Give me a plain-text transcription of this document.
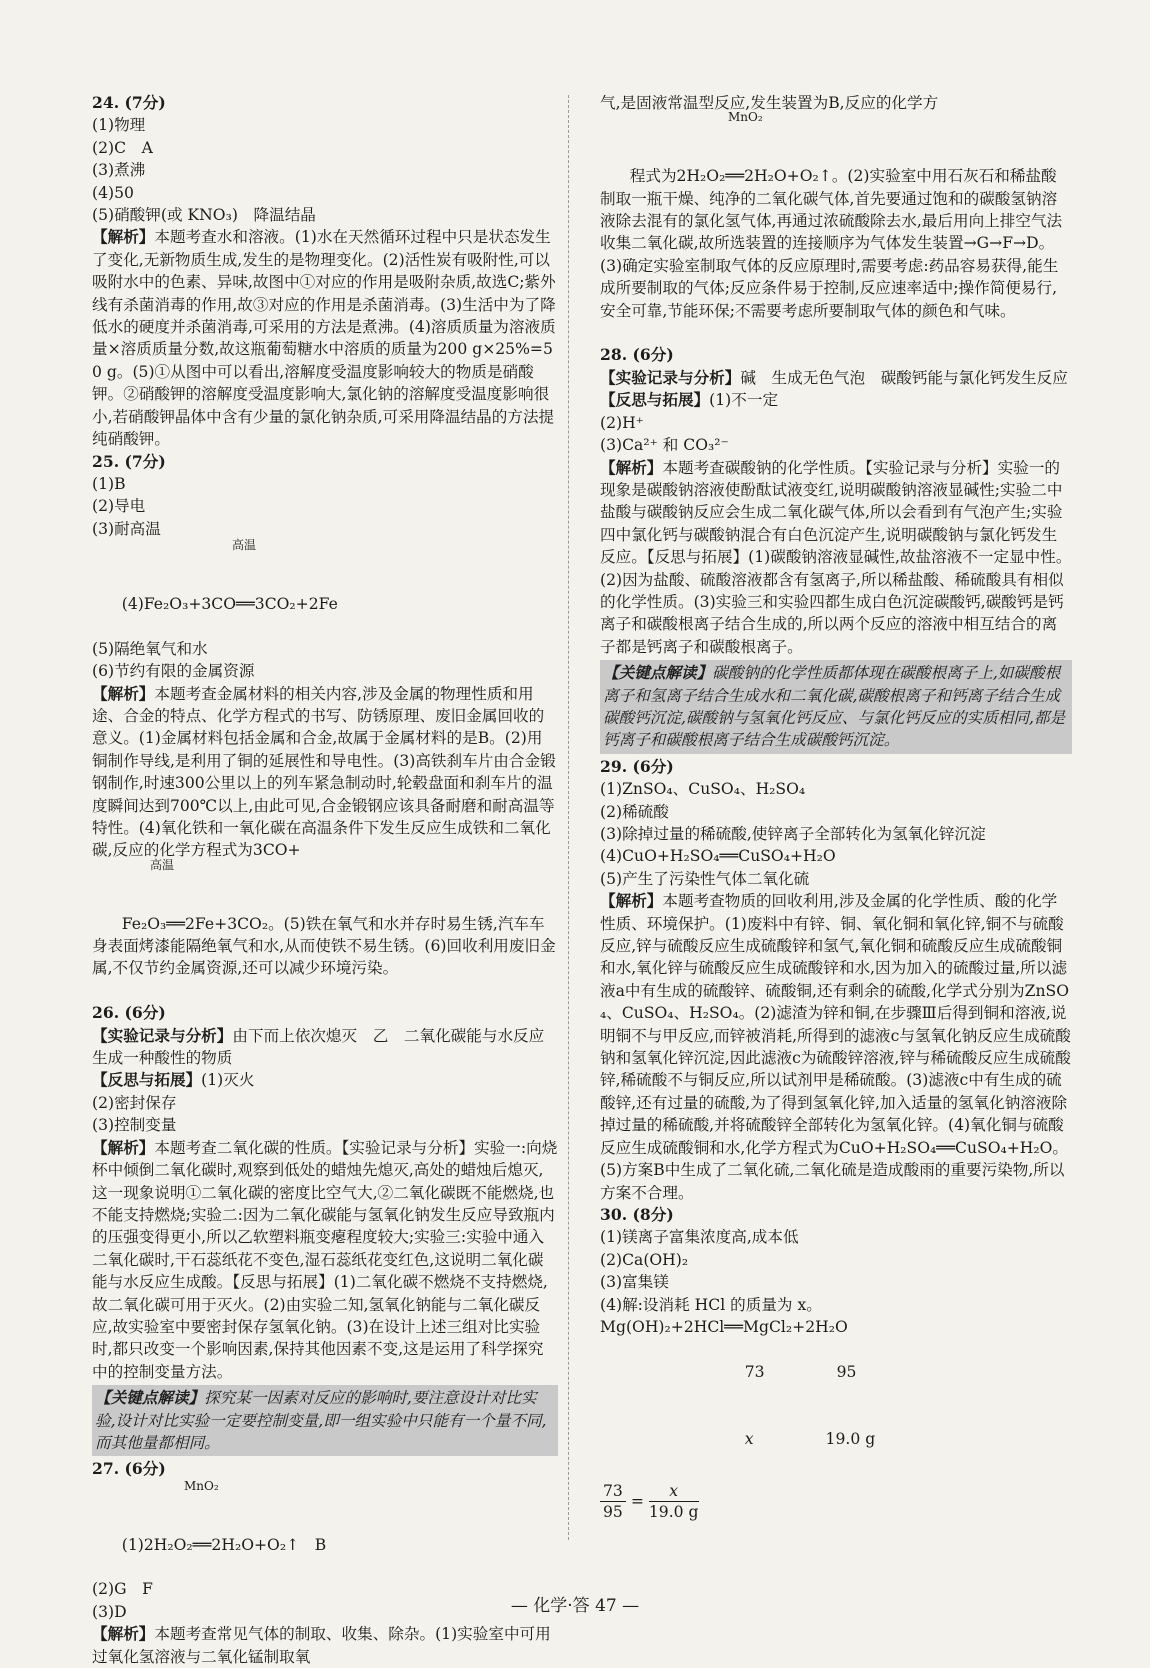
24. (7分)
(1)物理
(2)C　A
(3)煮沸
(4)50
(5)硝酸钾(或 KNO₃)　降温结晶
【解析】本题考查水和溶液。(1)水在天然循环过程中只是状态发生了变化,无新物质生成,发生的是物理变化。(2)活性炭有吸附性,可以吸附水中的色素、异味,故图中①对应的作用是吸附杂质,故选C;紫外线有杀菌消毒的作用,故③对应的作用是杀菌消毒。(3)生活中为了降低水的硬度并杀菌消毒,可采用的方法是煮沸。(4)溶质质量为溶液质量×溶质质量分数,故这瓶葡萄糖水中溶质的质量为200 g×25%=50 g。(5)①从图中可以看出,溶解度受温度影响较大的物质是硝酸钾。②硝酸钾的溶解度受温度影响大,氯化钠的溶解度受温度影响很小,若硝酸钾晶体中含有少量的氯化钠杂质,可采用降温结晶的方法提纯硝酸钾。
25. (7分)
(1)B
(2)导电
(3)耐高温

高温

(4)Fe₂O₃+3CO══3CO₂+2Fe

(5)隔绝氧气和水
(6)节约有限的金属资源
【解析】本题考查金属材料的相关内容,涉及金属的物理性质和用途、合金的特点、化学方程式的书写、防锈原理、废旧金属回收的意义。(1)金属材料包括金属和合金,故属于金属材料的是B。(2)用铜制作导线,是利用了铜的延展性和导电性。(3)高铁刹车片由合金锻钢制作,时速300公里以上的列车紧急制动时,轮毂盘面和刹车片的温度瞬间达到700℃以上,由此可见,合金锻钢应该具备耐磨和耐高温等特性。(4)氧化铁和一氧化碳在高温条件下发生反应生成铁和二氧化碳,反应的化学方程式为3CO+

高温

Fe₂O₃══2Fe+3CO₂。(5)铁在氧气和水并存时易生锈,汽车车身表面烤漆能隔绝氧气和水,从而使铁不易生锈。(6)回收利用废旧金属,不仅节约金属资源,还可以减少环境污染。

26. (6分)
【实验记录与分析】由下而上依次熄灭　乙　二氧化碳能与水反应生成一种酸性的物质
【反思与拓展】(1)灭火
(2)密封保存
(3)控制变量
【解析】本题考查二氧化碳的性质。【实验记录与分析】实验一:向烧杯中倾倒二氧化碳时,观察到低处的蜡烛先熄灭,高处的蜡烛后熄灭,这一现象说明①二氧化碳的密度比空气大,②二氧化碳既不能燃烧,也不能支持燃烧;实验二:因为二氧化碳能与氢氧化钠发生反应导致瓶内的压强变得更小,所以乙软塑料瓶变瘪程度较大;实验三:实验中通入二氧化碳时,干石蕊纸花不变色,湿石蕊纸花变红色,这说明二氧化碳能与水反应生成酸。【反思与拓展】(1)二氧化碳不燃烧不支持燃烧,故二氧化碳可用于灭火。(2)由实验二知,氢氧化钠能与二氧化碳反应,故实验室中要密封保存氢氧化钠。(3)在设计上述三组对比实验时,都只改变一个影响因素,保持其他因素不变,这是运用了科学探究中的控制变量方法。
【关键点解读】探究某一因素对反应的影响时,要注意设计对比实验,设计对比实验一定要控制变量,即一组实验中只能有一个量不同,而其他量都相同。
27. (6分)

MnO₂

(1)2H₂O₂══2H₂O+O₂↑　B

(2)G　F
(3)D
【解析】本题考查常见气体的制取、收集、除杂。(1)实验室中可用过氧化氢溶液与二氧化锰制取氧
气,是固液常温型反应,发生装置为B,反应的化学方

MnO₂

程式为2H₂O₂══2H₂O+O₂↑。(2)实验室中用石灰石和稀盐酸制取一瓶干燥、纯净的二氧化碳气体,首先要通过饱和的碳酸氢钠溶液除去混有的氯化氢气体,再通过浓硫酸除去水,最后用向上排空气法收集二氧化碳,故所选装置的连接顺序为气体发生装置→G→F→D。(3)确定实验室制取气体的反应原理时,需要考虑:药品容易获得,能生成所要制取的气体;反应条件易于控制,反应速率适中;操作简便易行,安全可靠,节能环保;不需要考虑所要制取气体的颜色和气味。

28. (6分)
【实验记录与分析】碱　生成无色气泡　碳酸钙能与氯化钙发生反应
【反思与拓展】(1)不一定
(2)H⁺
(3)Ca²⁺ 和 CO₃²⁻
【解析】本题考查碳酸钠的化学性质。【实验记录与分析】实验一的现象是碳酸钠溶液使酚酞试液变红,说明碳酸钠溶液显碱性;实验二中盐酸与碳酸钠反应会生成二氧化碳气体,所以会看到有气泡产生;实验四中氯化钙与碳酸钠混合有白色沉淀产生,说明碳酸钠与氯化钙发生反应。【反思与拓展】(1)碳酸钠溶液显碱性,故盐溶液不一定显中性。(2)因为盐酸、硫酸溶液都含有氢离子,所以稀盐酸、稀硫酸具有相似的化学性质。(3)实验三和实验四都生成白色沉淀碳酸钙,碳酸钙是钙离子和碳酸根离子结合生成的,所以两个反应的溶液中相互结合的离子都是钙离子和碳酸根离子。
【关键点解读】碳酸钠的化学性质都体现在碳酸根离子上,如碳酸根离子和氢离子结合生成水和二氧化碳,碳酸根离子和钙离子结合生成碳酸钙沉淀,碳酸钠与氢氧化钙反应、与氯化钙反应的实质相同,都是钙离子和碳酸根离子结合生成碳酸钙沉淀。
29. (6分)
(1)ZnSO₄、CuSO₄、H₂SO₄
(2)稀硫酸
(3)除掉过量的稀硫酸,使锌离子全部转化为氢氧化锌沉淀
(4)CuO+H₂SO₄══CuSO₄+H₂O
(5)产生了污染性气体二氧化硫
【解析】本题考查物质的回收利用,涉及金属的化学性质、酸的化学性质、环境保护。(1)废料中有锌、铜、氧化铜和氧化锌,铜不与硫酸反应,锌与硫酸反应生成硫酸锌和氢气,氧化铜和硫酸反应生成硫酸铜和水,氧化锌与硫酸反应生成硫酸锌和水,因为加入的硫酸过量,所以滤液a中有生成的硫酸锌、硫酸铜,还有剩余的硫酸,化学式分别为ZnSO₄、CuSO₄、H₂SO₄。(2)滤渣为锌和铜,在步骤Ⅲ后得到铜和溶液,说明铜不与甲反应,而锌被消耗,所得到的滤液c与氢氧化钠反应生成硫酸钠和氢氧化锌沉淀,因此滤液c为硫酸锌溶液,锌与稀硫酸反应生成硫酸锌,稀硫酸不与铜反应,所以试剂甲是稀硫酸。(3)滤液c中有生成的硫酸锌,还有过量的硫酸,为了得到氢氧化锌,加入适量的氢氧化钠溶液除掉过量的稀硫酸,并将硫酸锌全部转化为氢氧化锌。(4)氧化铜与硫酸反应生成硫酸铜和水,化学方程式为CuO+H₂SO₄══CuSO₄+H₂O。(5)方案B中生成了二氧化硫,二氧化硫是造成酸雨的重要污染物,所以方案不合理。
30. (8分)
(1)镁离子富集浓度高,成本低
(2)Ca(OH)₂
(3)富集镁
(4)解:设消耗 HCl 的质量为 x。
Mg(OH)₂+2HCl══MgCl₂+2H₂O

73	95

x	19.0 g

$\frac{73}{95} = \frac{x}{19.0 g}$
— 化学·答 47 —
